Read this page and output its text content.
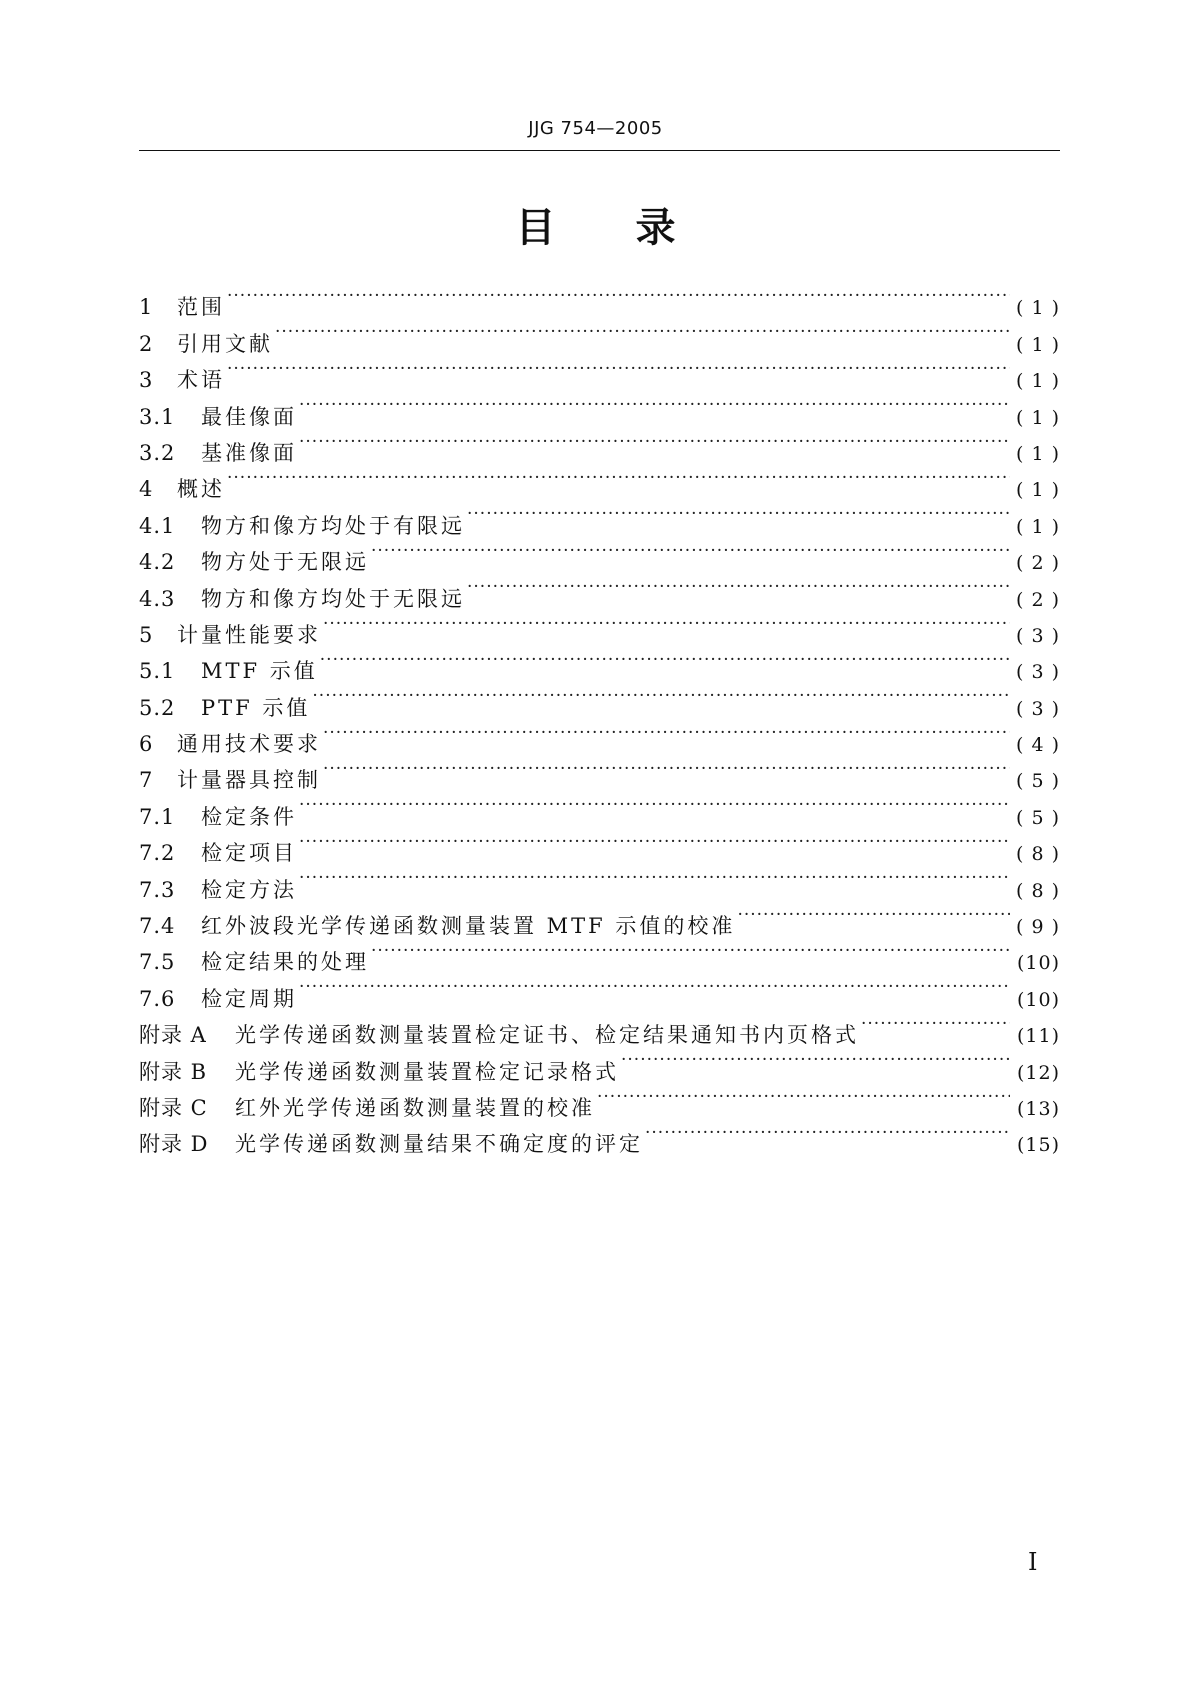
JJG 754—2005
目录
1	范围 ·····	( 1 )
2	引用文献 ·····	( 1 )
3	术语 ·····	( 1 )
3.1	最佳像面 ·····	( 1 )
3.2	基准像面 ·····	( 1 )
4	概述 ·····	( 1 )
4.1	物方和像方均处于有限远 ·····	( 1 )
4.2	物方处于无限远 ·····	( 2 )
4.3	物方和像方均处于无限远 ·····	( 2 )
5	计量性能要求 ·····	( 3 )
5.1	MTF 示值 ·····	( 3 )
5.2	PTF 示值 ·····	( 3 )
6	通用技术要求 ·····	( 4 )
7	计量器具控制 ·····	( 5 )
7.1	检定条件 ·····	( 5 )
7.2	检定项目 ·····	( 8 )
7.3	检定方法 ·····	( 8 )
7.4	红外波段光学传递函数测量装置 MTF 示值的校准 ·····	( 9 )
7.5	检定结果的处理 ·····	(10)
7.6	检定周期 ·····	(10)
附录 A	光学传递函数测量装置检定证书、检定结果通知书内页格式 ·····	(11)
附录 B	光学传递函数测量装置检定记录格式 ·····	(12)
附录 C	红外光学传递函数测量装置的校准 ·····	(13)
附录 D	光学传递函数测量结果不确定度的评定 ·····	(15)
I
